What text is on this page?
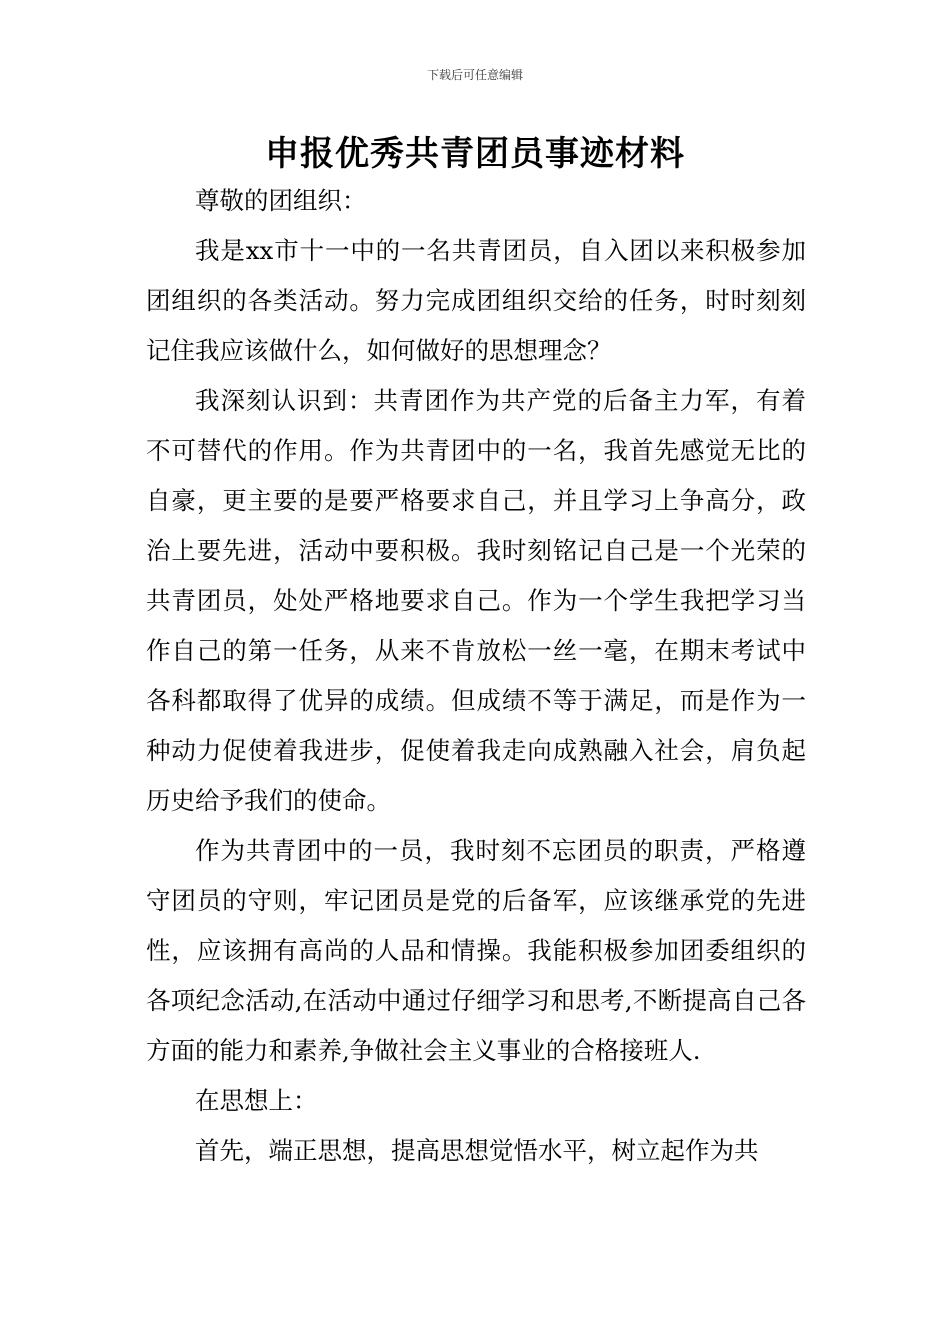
下载后可任意编辑
申报优秀共青团员事迹材料

尊敬的团组织：

我是xx市十一中的一名共青团员，自入团以来积极参加团组织的各类活动。努力完成团组织交给的任务，时时刻刻记住我应该做什么，如何做好的思想理念？

我深刻认识到：共青团作为共产党的后备主力军，有着不可替代的作用。作为共青团中的一名，我首先感觉无比的自豪，更主要的是要严格要求自己，并且学习上争高分，政治上要先进，活动中要积极。我时刻铭记自己是一个光荣的共青团员，处处严格地要求自己。作为一个学生我把学习当作自己的第一任务，从来不肯放松一丝一毫，在期末考试中各科都取得了优异的成绩。但成绩不等于满足，而是作为一种动力促使着我进步，促使着我走向成熟融入社会，肩负起历史给予我们的使命。

作为共青团中的一员，我时刻不忘团员的职责，严格遵守团员的守则，牢记团员是党的后备军，应该继承党的先进性，应该拥有高尚的人品和情操。我能积极参加团委组织的各项纪念活动,在活动中通过仔细学习和思考,不断提高自己各方面的能力和素养,争做社会主义事业的合格接班人.

在思想上：

首先，端正思想，提高思想觉悟水平，树立起作为共
